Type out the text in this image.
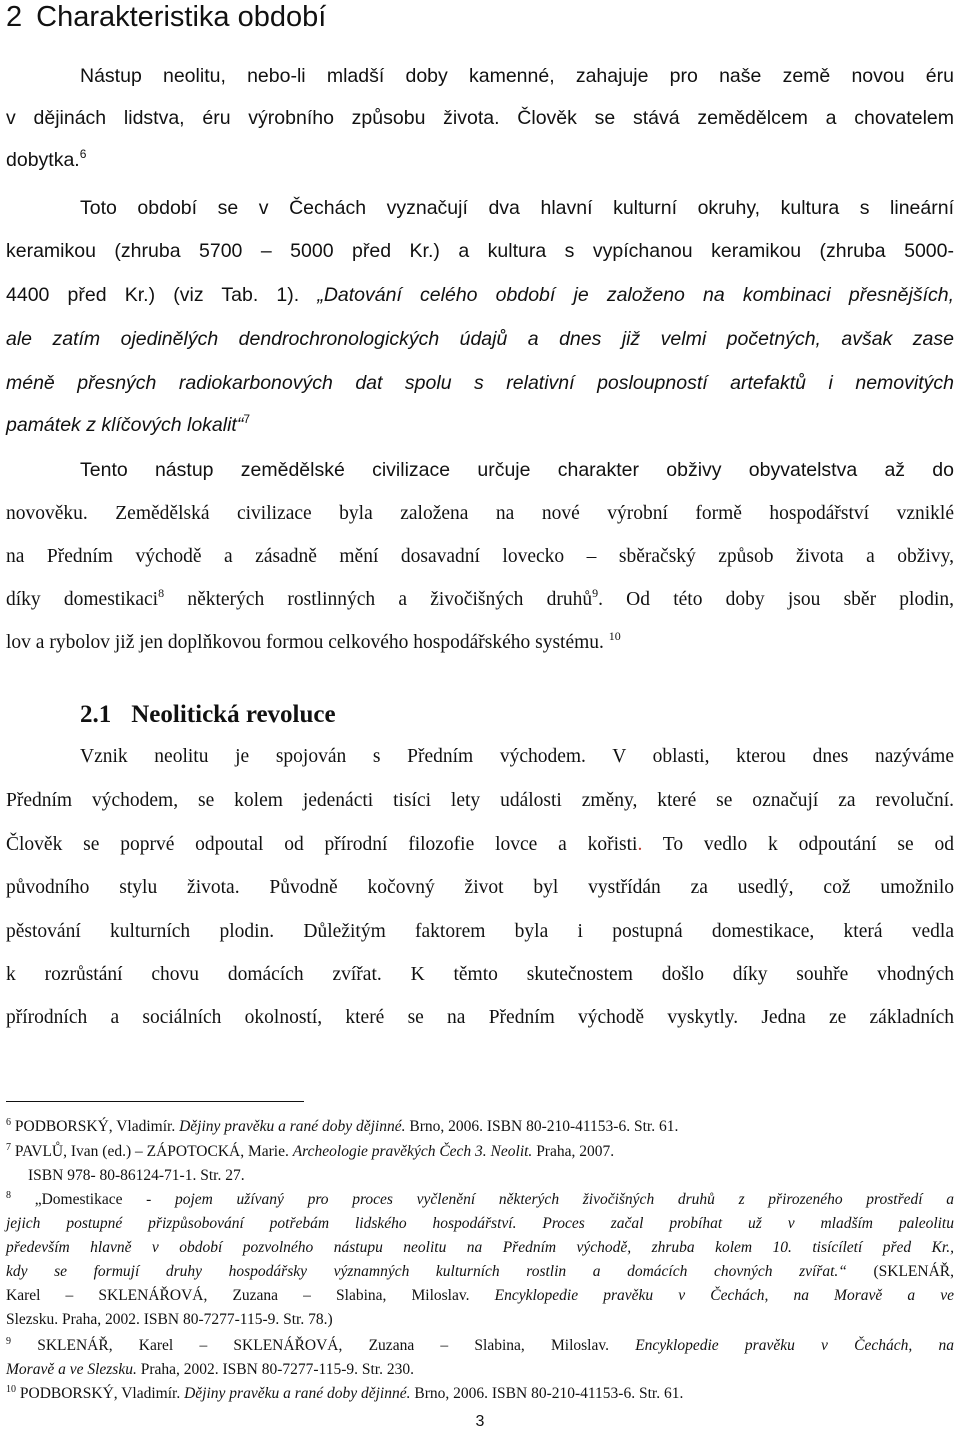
2 Charakteristika období
Nástup neolitu, nebo-li mladší doby kamenné, zahajuje pro naše země novou éru
v dějinách lidstva, éru výrobního způsobu života. Člověk se stává zemědělcem a chovatelem
dobytka.$^6$
Toto období se v Čechách vyznačují dva hlavní kulturní okruhy, kultura s lineární
keramikou (zhruba 5700 – 5000 před Kr.) a kultura s vypíchanou keramikou (zhruba 5000-
4400 před Kr.) (viz Tab. 1). „Datování celého období je založeno na kombinaci přesnějších,
ale zatím ojedinělých dendrochronologických údajů a dnes již velmi početných, avšak zase
méně přesných radiokarbonových dat spolu s relativní posloupností artefaktů i nemovitých
památek z klíčových lokalit“$^7$
Tento nástup zemědělské civilizace určuje charakter obživy obyvatelstva až do
novověku. Zemědělská civilizace byla založena na nové výrobní formě hospodářství vzniklé
na Předním východě a zásadně mění dosavadní lovecko – sběračský způsob života a obživy,
díky domestikaci$^8$ některých rostlinných a živočišných druhů$^9$. Od této doby jsou sběr plodin,
lov a rybolov již jen doplňkovou formou celkového hospodářského systému. $^{10}$
2.1 Neolitická revoluce
Vznik neolitu je spojován s Předním východem. V oblasti, kterou dnes nazýváme
Předním východem, se kolem jedenácti tisíci lety události změny, které se označují za revoluční.
Člověk se poprvé odpoutal od přírodní filozofie lovce a kořisti. To vedlo k odpoutání se od
původního stylu života. Původně kočovný život byl vystřídán za usedlý, což umožnilo
pěstování kulturních plodin. Důležitým faktorem byla i postupná domestikace, která vedla
k rozrůstání chovu domácích zvířat. K těmto skutečnostem došlo díky souhře vhodných
přírodních a sociálních okolností, které se na Předním východě vyskytly. Jedna ze základních
$^6$ PODBORSKÝ, Vladimír. Dějiny pravěku a rané doby dějinné. Brno, 2006. ISBN 80-210-41153-6. Str. 61.
$^7$ PAVLŮ, Ivan (ed.) – ZÁPOTOCKÁ, Marie. Archeologie pravěkých Čech 3. Neolit. Praha, 2007.
ISBN 978- 80-86124-71-1. Str. 27.
$^8$ „Domestikace - pojem užívaný pro proces vyčlenění některých živočišných druhů z přirozeného prostředí a
jejich postupné přizpůsobování potřebám lidského hospodářství. Proces začal probíhat už v mladším paleolitu
především hlavně v období pozvolného nástupu neolitu na Předním východě, zhruba kolem 10. tisícíletí před Kr.,
kdy se formují druhy hospodářsky významných kulturních rostlin a domácích chovných zvířat.“ (SKLENÁŘ,
Karel – SKLENÁŘOVÁ, Zuzana – Slabina, Miloslav. Encyklopedie pravěku v Čechách, na Moravě a ve
Slezsku. Praha, 2002. ISBN 80-7277-115-9. Str. 78.)
$^9$ SKLENÁŘ, Karel – SKLENÁŘOVÁ, Zuzana – Slabina, Miloslav. Encyklopedie pravěku v Čechách, na
Moravě a ve Slezsku. Praha, 2002. ISBN 80-7277-115-9. Str. 230.
$^{10}$ PODBORSKÝ, Vladimír. Dějiny pravěku a rané doby dějinné. Brno, 2006. ISBN 80-210-41153-6. Str. 61.
3
